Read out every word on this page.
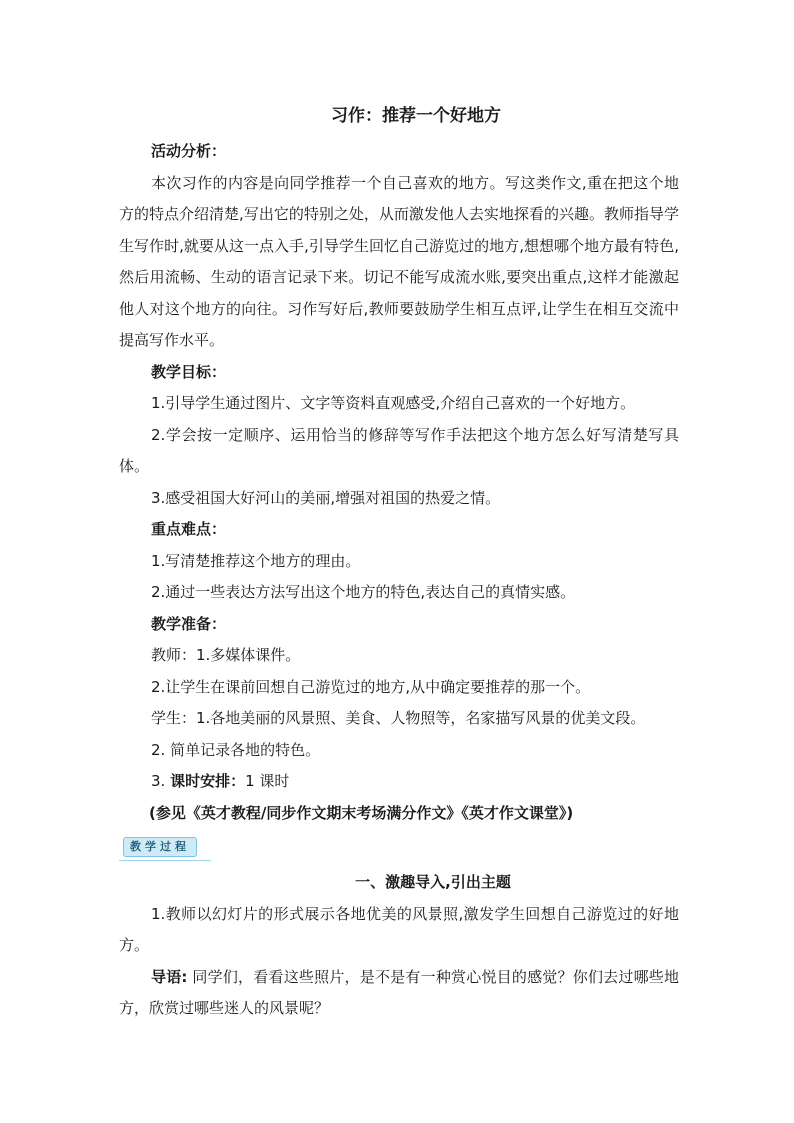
习作：推荐一个好地方
活动分析：

本次习作的内容是向同学推荐一个自己喜欢的地方。写这类作文,重在把这个地方的特点介绍清楚,写出它的特别之处，从而激发他人去实地探看的兴趣。教师指导学生写作时,就要从这一点入手,引导学生回忆自己游览过的地方,想想哪个地方最有特色,然后用流畅、生动的语言记录下来。切记不能写成流水账,要突出重点,这样才能激起他人对这个地方的向往。习作写好后,教师要鼓励学生相互点评,让学生在相互交流中提高写作水平。

教学目标：

1.引导学生通过图片、文字等资料直观感受,介绍自己喜欢的一个好地方。

2.学会按一定顺序、运用恰当的修辞等写作手法把这个地方怎么好写清楚写具体。

3.感受祖国大好河山的美丽,增强对祖国的热爱之情。

重点难点：

1.写清楚推荐这个地方的理由。

2.通过一些表达方法写出这个地方的特色,表达自己的真情实感。

教学准备：

教师：1.多媒体课件。

2.让学生在课前回想自己游览过的地方,从中确定要推荐的那一个。

学生：1.各地美丽的风景照、美食、人物照等，名家描写风景的优美文段。

2. 简单记录各地的特色。

3. 课时安排：1 课时

(参见《英才教程/同步作文期末考场满分作文》《英才作文课堂》)
教学过程
一、激趣导入,引出主题

1.教师以幻灯片的形式展示各地优美的风景照,激发学生回想自己游览过的好地方。

导语: 同学们，看看这些照片，是不是有一种赏心悦目的感觉？你们去过哪些地方，欣赏过哪些迷人的风景呢？
